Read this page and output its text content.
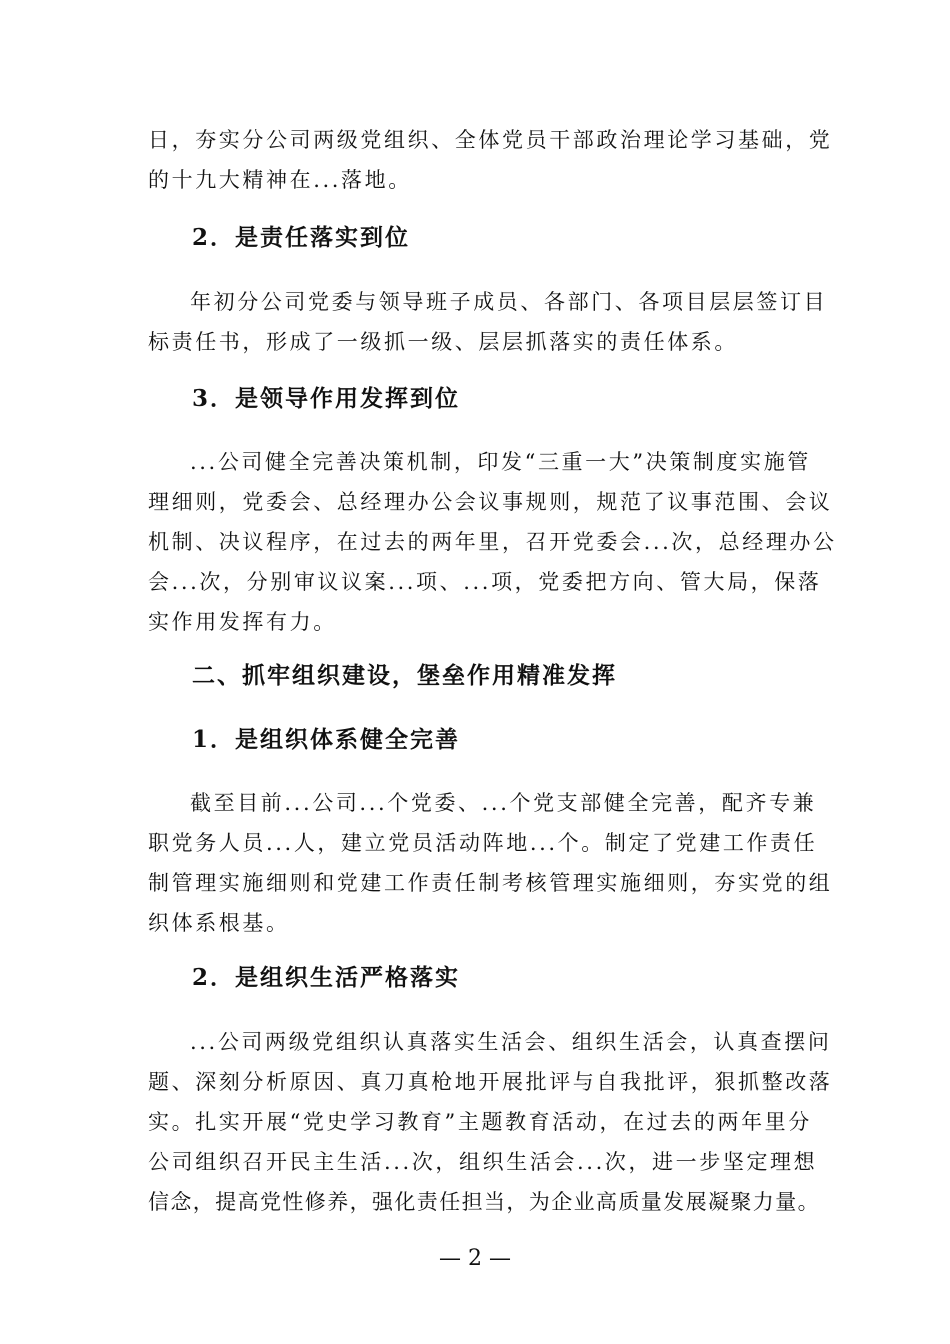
日，夯实分公司两级党组织、全体党员干部政治理论学习基础，党
的十九大精神在...落地。
2．是责任落实到位
年初分公司党委与领导班子成员、各部门、各项目层层签订目
标责任书，形成了一级抓一级、层层抓落实的责任体系。
3．是领导作用发挥到位
...公司健全完善决策机制，印发“三重一大”决策制度实施管
理细则，党委会、总经理办公会议事规则，规范了议事范围、会议
机制、决议程序，在过去的两年里，召开党委会...次，总经理办公
会...次，分别审议议案...项、...项，党委把方向、管大局，保落
实作用发挥有力。
二、抓牢组织建设，堡垒作用精准发挥
1．是组织体系健全完善
截至目前...公司...个党委、...个党支部健全完善，配齐专兼
职党务人员...人，建立党员活动阵地...个。制定了党建工作责任
制管理实施细则和党建工作责任制考核管理实施细则，夯实党的组
织体系根基。
2．是组织生活严格落实
...公司两级党组织认真落实生活会、组织生活会，认真查摆问
题、深刻分析原因、真刀真枪地开展批评与自我批评，狠抓整改落
实。扎实开展“党史学习教育”主题教育活动，在过去的两年里分
公司组织召开民主生活...次，组织生活会...次，进一步坚定理想
信念，提高党性修养，强化责任担当，为企业高质量发展凝聚力量。
— 2 —
